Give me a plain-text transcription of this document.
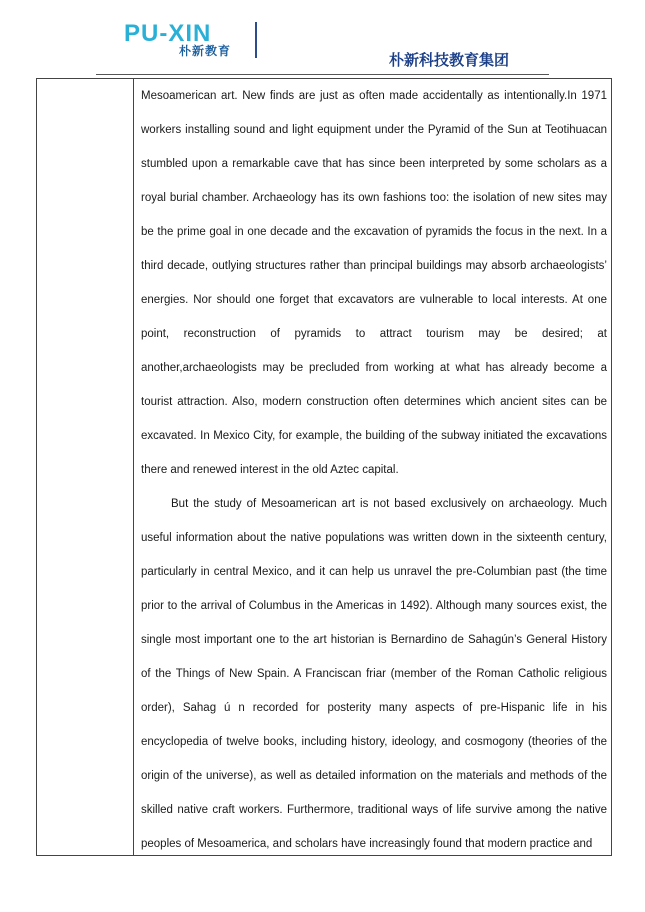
PU-XIN
朴新教育	朴新科技教育集团

Mesoamerican art. New finds are just as often made accidentally as intentionally.In 1971 workers installing sound and light equipment under the Pyramid of the Sun at Teotihuacan stumbled upon a remarkable cave that has since been interpreted by some scholars as a royal burial chamber. Archaeology has its own fashions too: the isolation of new sites may be the prime goal in one decade and the excavation of pyramids the focus in the next. In a third decade, outlying structures rather than principal buildings may absorb archaeologists’ energies. Nor should one forget that excavators are vulnerable to local interests. At one point, reconstruction of pyramids to attract tourism may be desired; at another,archaeologists may be precluded from working at what has already become a tourist attraction. Also, modern construction often determines which ancient sites can be excavated. In Mexico City, for example, the building of the subway initiated the excavations there and renewed interest in the old Aztec capital.

But the study of Mesoamerican art is not based exclusively on archaeology. Much useful information about the native populations was written down in the sixteenth century, particularly in central Mexico, and it can help us unravel the pre-Columbian past (the time prior to the arrival of Columbus in the Americas in 1492). Although many sources exist, the single most important one to the art historian is Bernardino de Sahagún’s General History of the Things of New Spain. A Franciscan friar (member of the Roman Catholic religious order), Sahag ú n recorded for posterity many aspects of pre-Hispanic life in his encyclopedia of twelve books, including history, ideology, and cosmogony (theories of the origin of the universe), as well as detailed information on the materials and methods of the skilled native craft workers. Furthermore, traditional ways of life survive among the native peoples of Mesoamerica, and scholars have increasingly found that modern practice and
